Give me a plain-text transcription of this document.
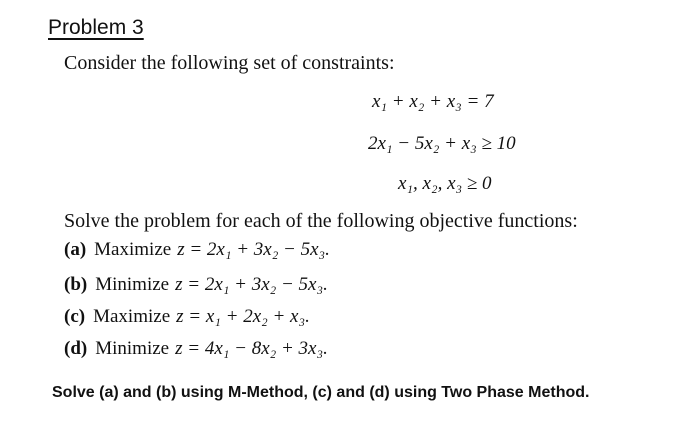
Problem 3
Consider the following set of constraints:
x₁ + x₂ + x₃ = 7
2x₁ − 5x₂ + x₃ ≥ 10
x₁, x₂, x₃ ≥ 0
Solve the problem for each of the following objective functions:
(a) Maximize z = 2x₁ + 3x₂ − 5x₃.
(b) Minimize z = 2x₁ + 3x₂ − 5x₃.
(c) Maximize z = x₁ + 2x₂ + x₃.
(d) Minimize z = 4x₁ − 8x₂ + 3x₃.
Solve (a) and (b) using M-Method, (c) and (d) using Two Phase Method.
